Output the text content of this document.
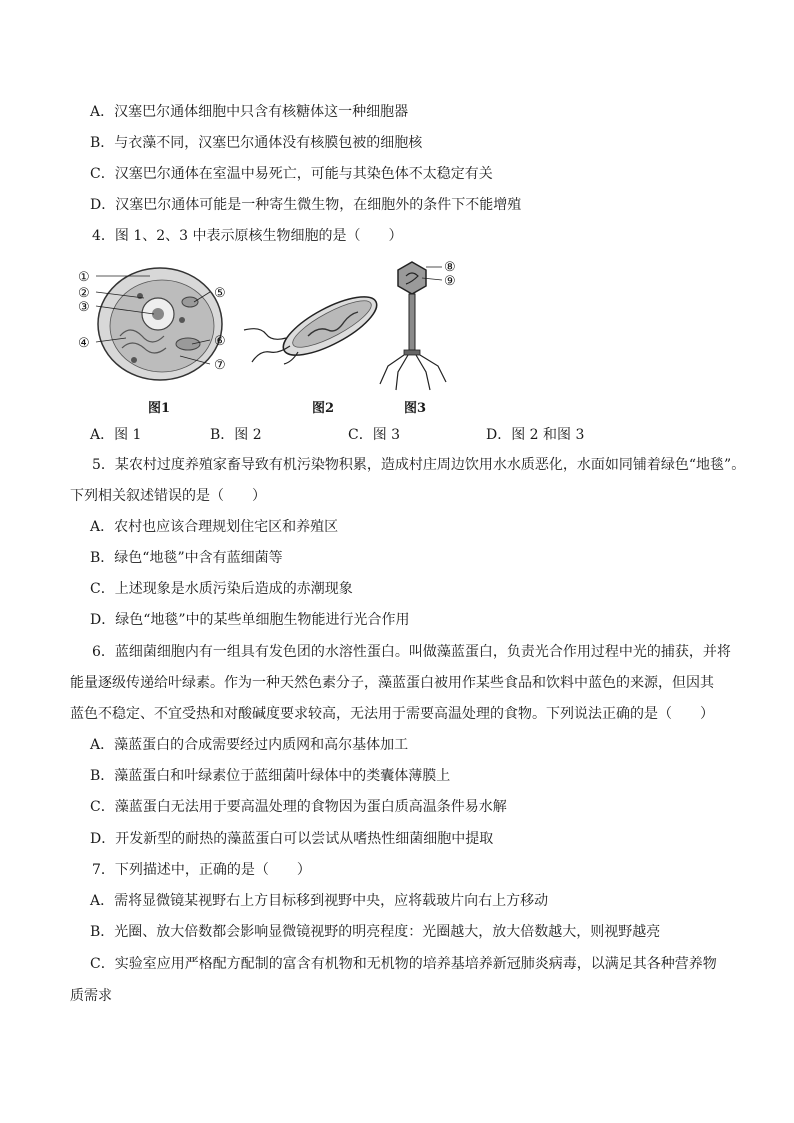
A．汉塞巴尔通体细胞中只含有核糖体这一种细胞器
B．与衣藻不同，汉塞巴尔通体没有核膜包被的细胞核
C．汉塞巴尔通体在室温中易死亡，可能与其染色体不太稳定有关
D．汉塞巴尔通体可能是一种寄生微生物，在细胞外的条件下不能增殖
4．图 1、2、3 中表示原核生物细胞的是（　　）
①
②
③
④
⑤
⑥
⑦
⑧
⑨
图1	图2	图3
A．图 1	B．图 2	C．图 3	D．图 2 和图 3
5．某农村过度养殖家畜导致有机污染物积累，造成村庄周边饮用水水质恶化，水面如同铺着绿色“地毯”。
下列相关叙述错误的是（　　）
A．农村也应该合理规划住宅区和养殖区
B．绿色“地毯”中含有蓝细菌等
C．上述现象是水质污染后造成的赤潮现象
D．绿色“地毯”中的某些单细胞生物能进行光合作用
6．蓝细菌细胞内有一组具有发色团的水溶性蛋白。叫做藻蓝蛋白，负责光合作用过程中光的捕获，并将
能量逐级传递给叶绿素。作为一种天然色素分子，藻蓝蛋白被用作某些食品和饮料中蓝色的来源，但因其
蓝色不稳定、不宜受热和对酸碱度要求较高，无法用于需要高温处理的食物。下列说法正确的是（　　）
A．藻蓝蛋白的合成需要经过内质网和高尔基体加工
B．藻蓝蛋白和叶绿素位于蓝细菌叶绿体中的类囊体薄膜上
C．藻蓝蛋白无法用于要高温处理的食物因为蛋白质高温条件易水解
D．开发新型的耐热的藻蓝蛋白可以尝试从嗜热性细菌细胞中提取
7．下列描述中，正确的是（　　）
A．需将显微镜某视野右上方目标移到视野中央，应将载玻片向右上方移动
B．光圈、放大倍数都会影响显微镜视野的明亮程度：光圈越大，放大倍数越大，则视野越亮
C．实验室应用严格配方配制的富含有机物和无机物的培养基培养新冠肺炎病毒，以满足其各种营养物
质需求
